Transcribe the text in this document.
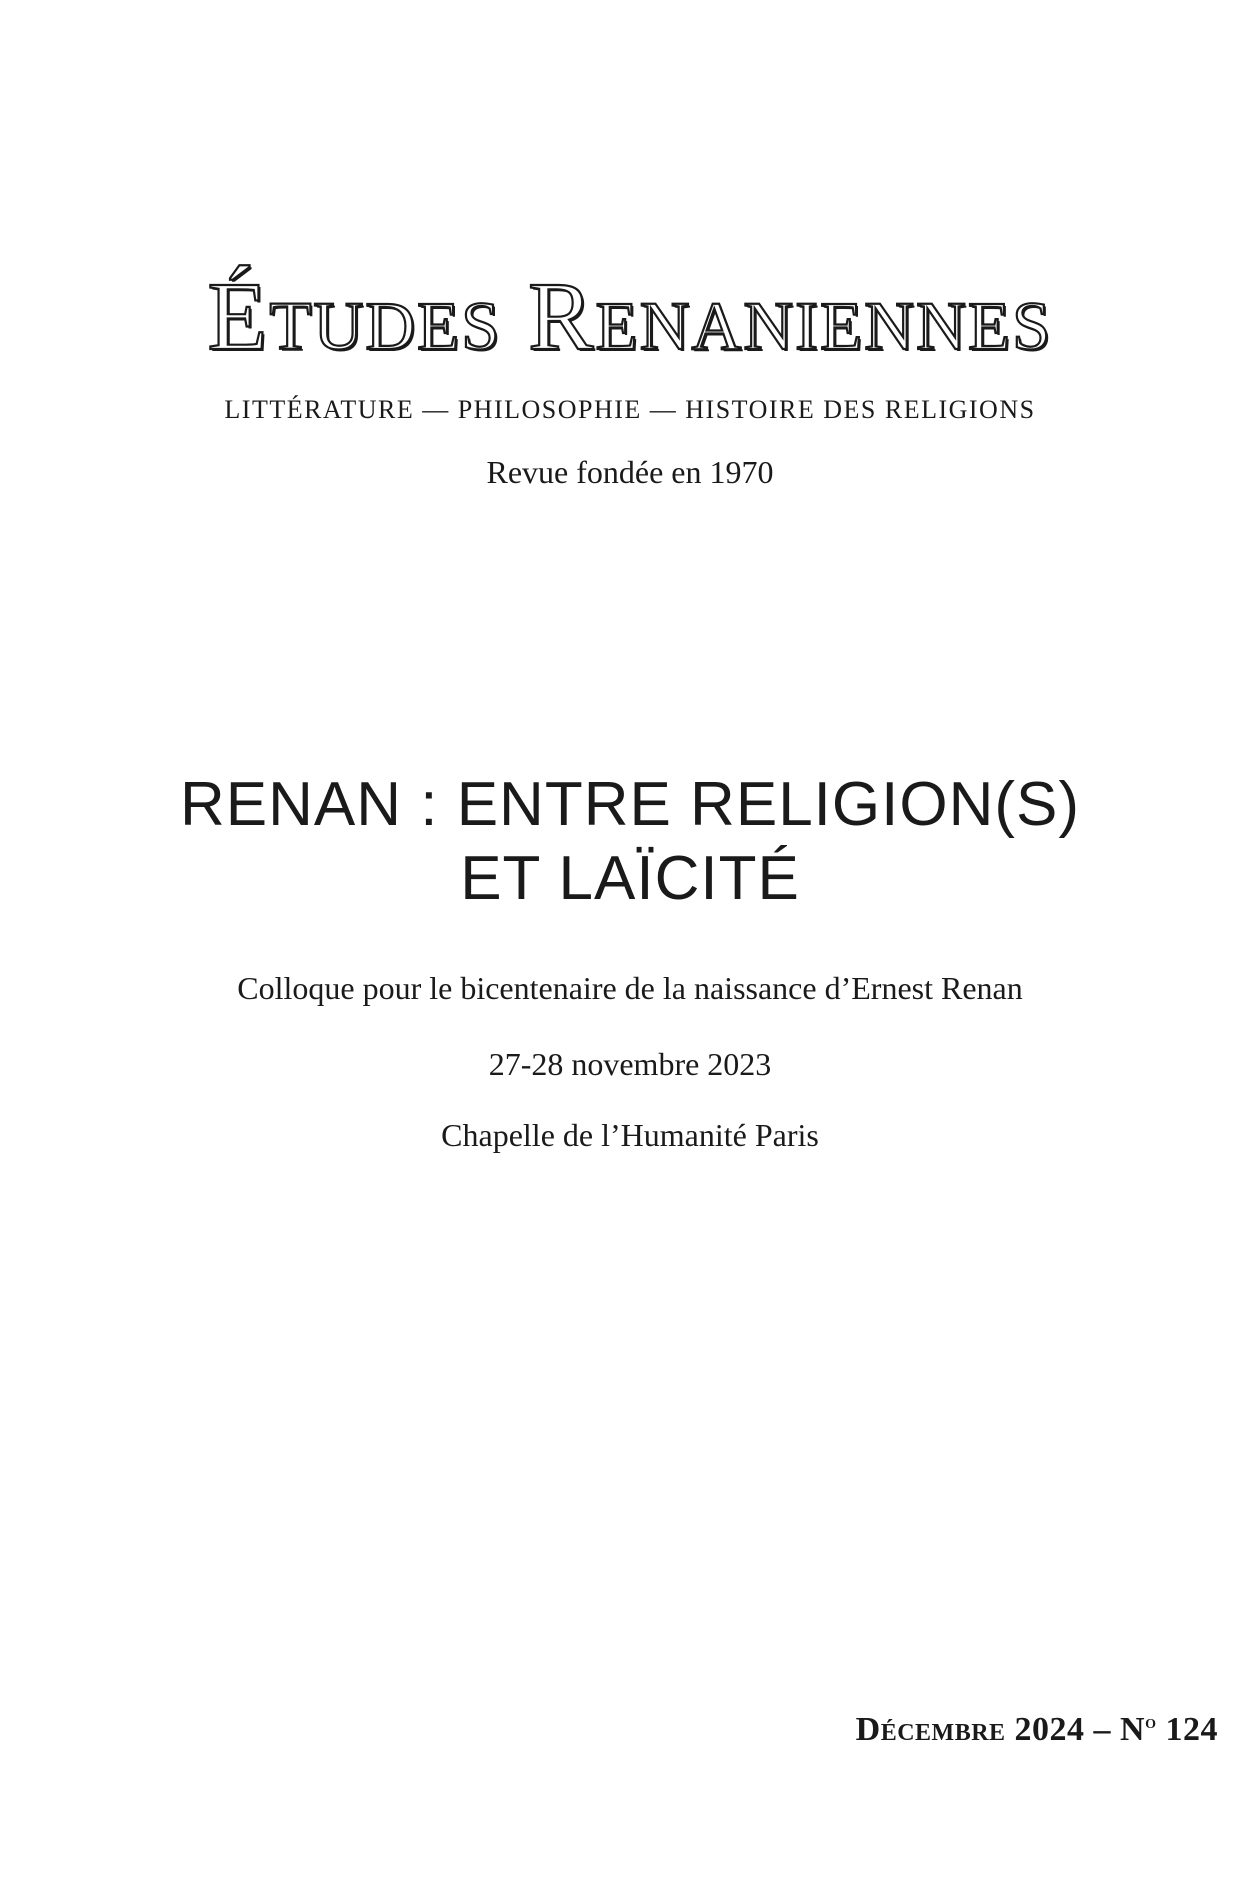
Études Renaniennes
LITTÉRATURE — PHILOSOPHIE — HISTOIRE DES RELIGIONS
Revue fondée en 1970
RENAN : ENTRE RELIGION(S)
ET LAÏCITÉ
Colloque pour le bicentenaire de la naissance d’Ernest Renan
27-28 novembre 2023
Chapelle de l’Humanité Paris
Décembre $2024 - N^o$ 124
